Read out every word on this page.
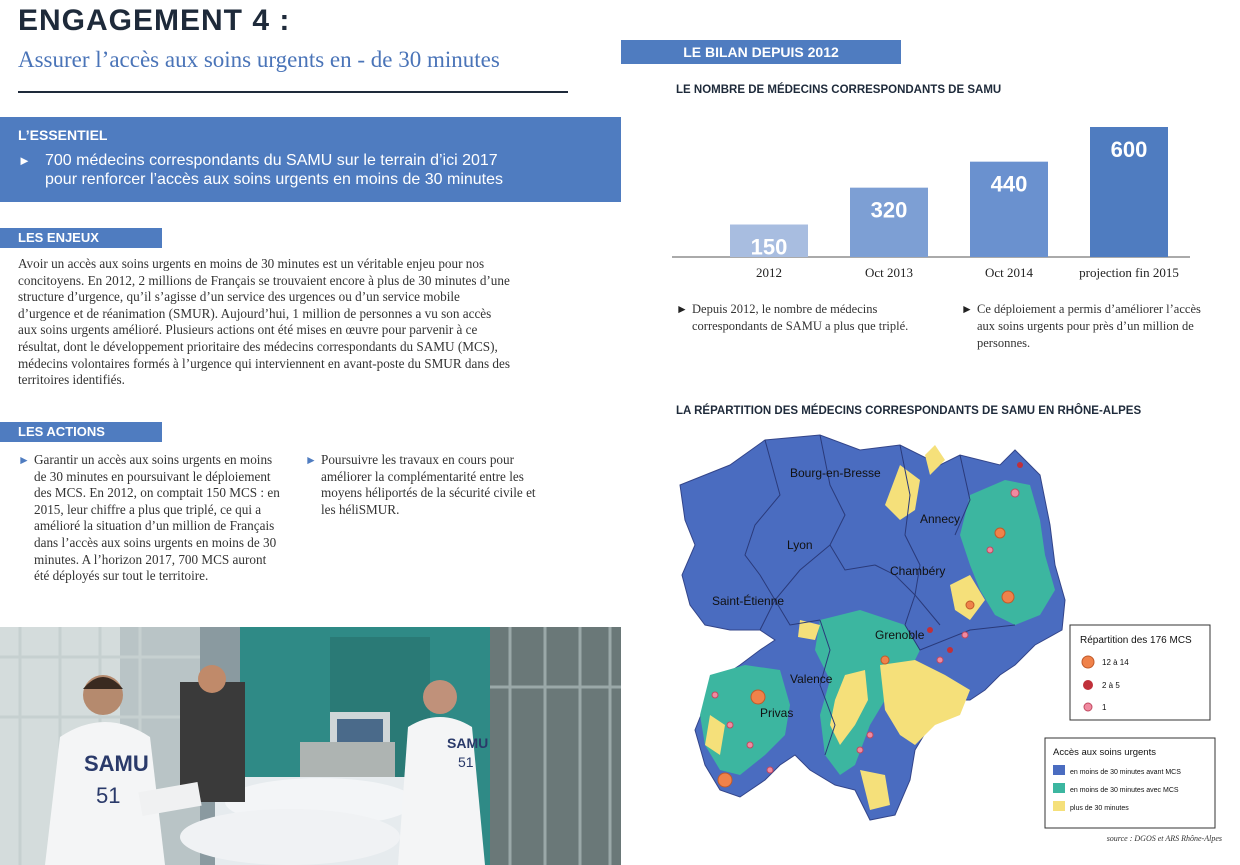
ENGAGEMENT 4 :
Assurer l’accès aux soins urgents en - de 30 minutes
L’ESSENTIEL
► 700 médecins correspondants du SAMU sur le terrain d’ici 2017
pour renforcer l’accès aux soins urgents en moins de 30 minutes
LES ENJEUX
Avoir un accès aux soins urgents en moins de 30 minutes est un véritable enjeu pour nos concitoyens. En 2012, 2 millions de Français se trouvaient encore à plus de 30 minutes d’une structure d’urgence, qu’il s’agisse d’un service des urgences ou d’un service mobile d’urgence et de réanimation (SMUR). Aujourd’hui, 1 million de personnes a vu son accès aux soins urgents amélioré. Plusieurs actions ont été mises en œuvre pour parvenir à ce résultat, dont le développement prioritaire des médecins correspondants du SAMU (MCS), médecins volontaires formés à l’urgence qui interviennent en avant-poste du SMUR dans des territoires identifiés.
LES ACTIONS
► Garantir un accès aux soins urgents en moins de 30 minutes en poursuivant le déploiement des MCS. En 2012, on comptait 150 MCS : en 2015, leur chiffre a plus que triplé, ce qui a amélioré la situation d’un million de Français dans l’accès aux soins urgents en moins de 30 minutes. A l’horizon 2017, 700 MCS auront été déployés sur tout le territoire.
► Poursuivre les travaux en cours pour améliorer la complémentarité entre les moyens héliportés de la sécurité civile et les héliSMUR.
SAMU
51
SAMU
51
LE BILAN DEPUIS 2012
LE NOMBRE DE MÉDECINS CORRESPONDANTS DE SAMU
150
2012
320
Oct 2013
440
Oct 2014
600
projection fin 2015
► Depuis 2012, le nombre de médecins correspondants de SAMU a plus que triplé.
► Ce déploiement a permis d’améliorer l’accès aux soins urgents pour près d’un million de personnes.
LA RÉPARTITION DES MÉDECINS CORRESPONDANTS DE SAMU EN RHÔNE-ALPES
Bourg-en-Bresse
Annecy
Lyon
Chambéry
Saint-Étienne
Grenoble
Valence
Privas
Répartition des 176 MCS
12 à 14
2 à 5
1
Accès aux soins urgents
en moins de 30 minutes avant MCS
en moins de 30 minutes avec MCS
plus de 30 minutes
source : DGOS et ARS Rhône-Alpes
